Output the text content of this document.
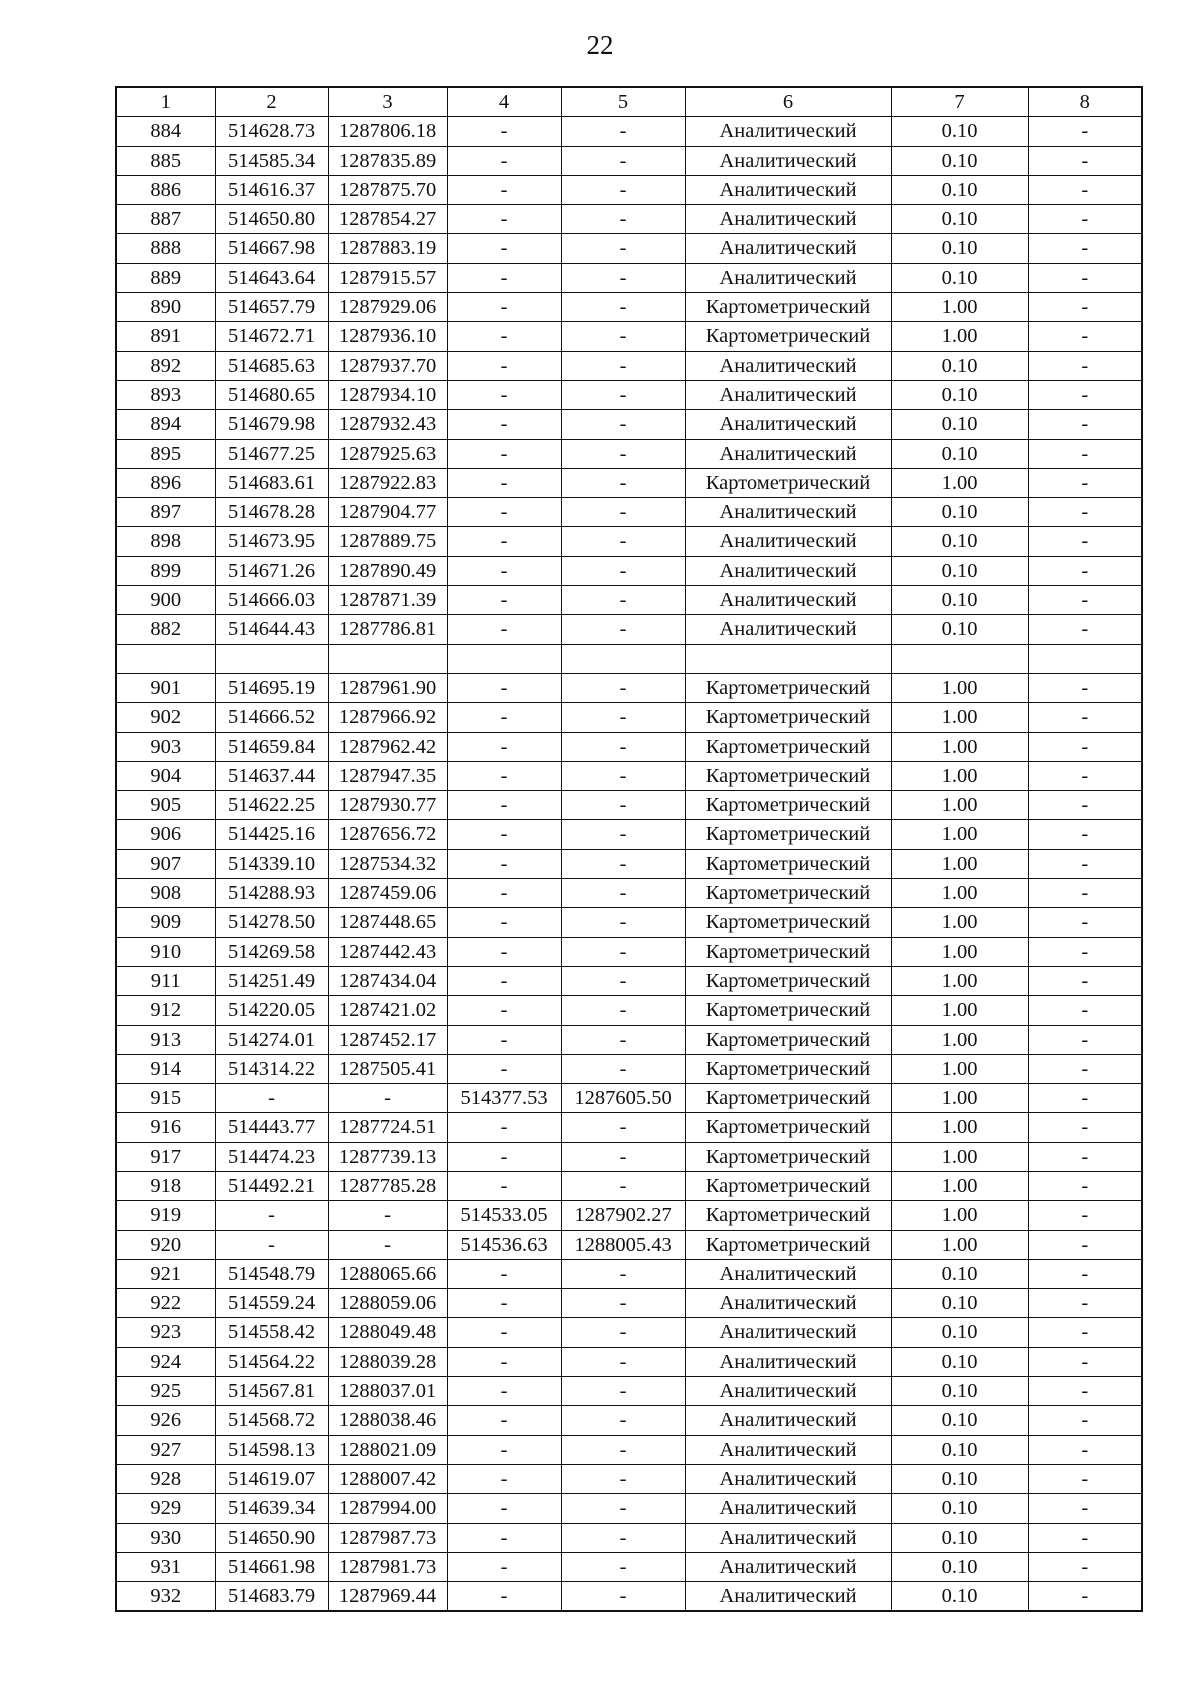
22
1	2	3	4	5	6	7	8
884	514628.73	1287806.18	-	-	Аналитический	0.10	-
885	514585.34	1287835.89	-	-	Аналитический	0.10	-
886	514616.37	1287875.70	-	-	Аналитический	0.10	-
887	514650.80	1287854.27	-	-	Аналитический	0.10	-
888	514667.98	1287883.19	-	-	Аналитический	0.10	-
889	514643.64	1287915.57	-	-	Аналитический	0.10	-
890	514657.79	1287929.06	-	-	Картометрический	1.00	-
891	514672.71	1287936.10	-	-	Картометрический	1.00	-
892	514685.63	1287937.70	-	-	Аналитический	0.10	-
893	514680.65	1287934.10	-	-	Аналитический	0.10	-
894	514679.98	1287932.43	-	-	Аналитический	0.10	-
895	514677.25	1287925.63	-	-	Аналитический	0.10	-
896	514683.61	1287922.83	-	-	Картометрический	1.00	-
897	514678.28	1287904.77	-	-	Аналитический	0.10	-
898	514673.95	1287889.75	-	-	Аналитический	0.10	-
899	514671.26	1287890.49	-	-	Аналитический	0.10	-
900	514666.03	1287871.39	-	-	Аналитический	0.10	-
882	514644.43	1287786.81	-	-	Аналитический	0.10	-

901	514695.19	1287961.90	-	-	Картометрический	1.00	-
902	514666.52	1287966.92	-	-	Картометрический	1.00	-
903	514659.84	1287962.42	-	-	Картометрический	1.00	-
904	514637.44	1287947.35	-	-	Картометрический	1.00	-
905	514622.25	1287930.77	-	-	Картометрический	1.00	-
906	514425.16	1287656.72	-	-	Картометрический	1.00	-
907	514339.10	1287534.32	-	-	Картометрический	1.00	-
908	514288.93	1287459.06	-	-	Картометрический	1.00	-
909	514278.50	1287448.65	-	-	Картометрический	1.00	-
910	514269.58	1287442.43	-	-	Картометрический	1.00	-
911	514251.49	1287434.04	-	-	Картометрический	1.00	-
912	514220.05	1287421.02	-	-	Картометрический	1.00	-
913	514274.01	1287452.17	-	-	Картометрический	1.00	-
914	514314.22	1287505.41	-	-	Картометрический	1.00	-
915	-	-	514377.53	1287605.50	Картометрический	1.00	-
916	514443.77	1287724.51	-	-	Картометрический	1.00	-
917	514474.23	1287739.13	-	-	Картометрический	1.00	-
918	514492.21	1287785.28	-	-	Картометрический	1.00	-
919	-	-	514533.05	1287902.27	Картометрический	1.00	-
920	-	-	514536.63	1288005.43	Картометрический	1.00	-
921	514548.79	1288065.66	-	-	Аналитический	0.10	-
922	514559.24	1288059.06	-	-	Аналитический	0.10	-
923	514558.42	1288049.48	-	-	Аналитический	0.10	-
924	514564.22	1288039.28	-	-	Аналитический	0.10	-
925	514567.81	1288037.01	-	-	Аналитический	0.10	-
926	514568.72	1288038.46	-	-	Аналитический	0.10	-
927	514598.13	1288021.09	-	-	Аналитический	0.10	-
928	514619.07	1288007.42	-	-	Аналитический	0.10	-
929	514639.34	1287994.00	-	-	Аналитический	0.10	-
930	514650.90	1287987.73	-	-	Аналитический	0.10	-
931	514661.98	1287981.73	-	-	Аналитический	0.10	-
932	514683.79	1287969.44	-	-	Аналитический	0.10	-
